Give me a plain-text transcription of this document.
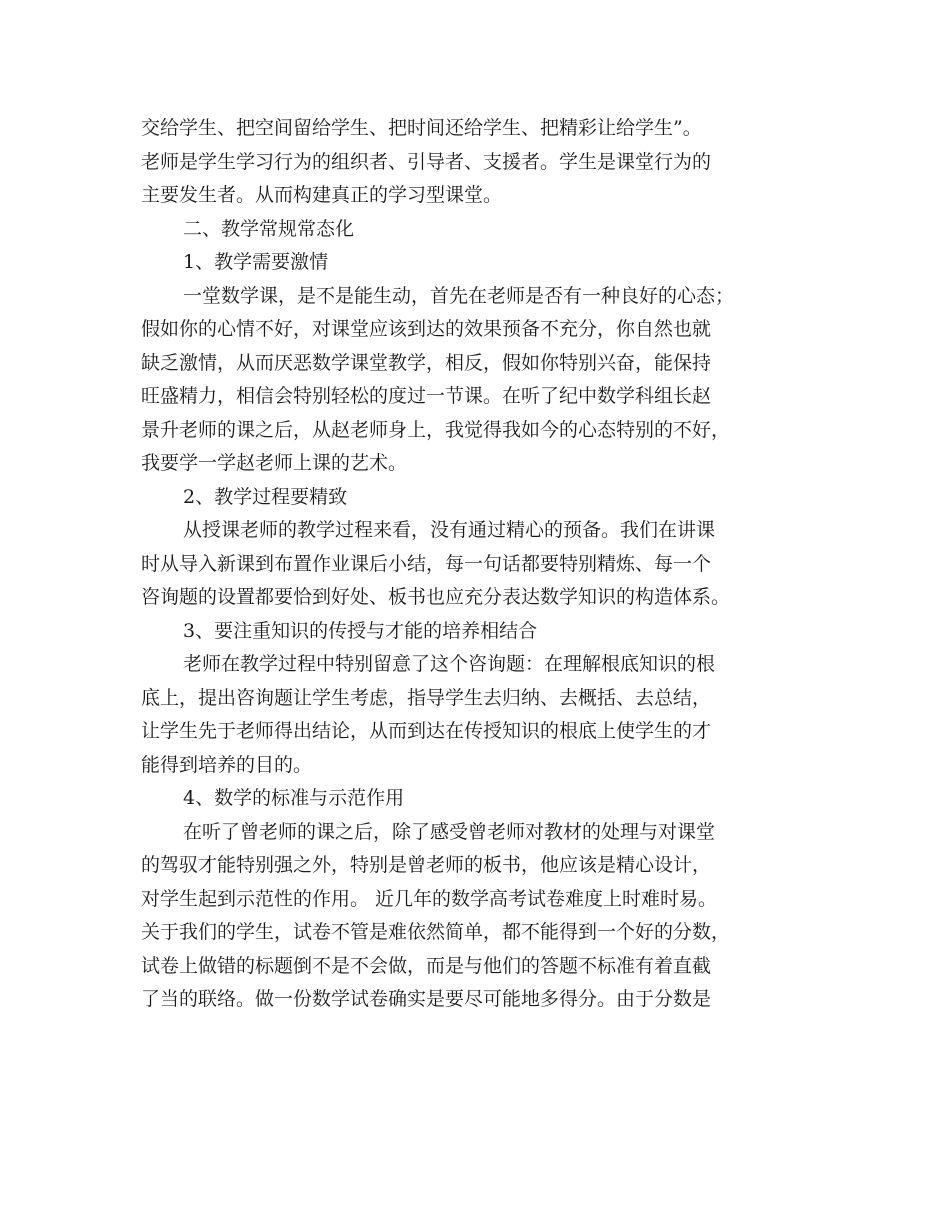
交给学生、把空间留给学生、把时间还给学生、把精彩让给学生”。
老师是学生学习行为的组织者、引导者、支援者。学生是课堂行为的
主要发生者。从而构建真正的学习型课堂。
二、教学常规常态化
1、教学需要激情
一堂数学课，是不是能生动，首先在老师是否有一种良好的心态；
假如你的心情不好，对课堂应该到达的效果预备不充分，你自然也就
缺乏激情，从而厌恶数学课堂教学，相反，假如你特别兴奋，能保持
旺盛精力，相信会特别轻松的度过一节课。在听了纪中数学科组长赵
景升老师的课之后，从赵老师身上，我觉得我如今的心态特别的不好，
我要学一学赵老师上课的艺术。
2、教学过程要精致
从授课老师的教学过程来看，没有通过精心的预备。我们在讲课
时从导入新课到布置作业课后小结，每一句话都要特别精炼、每一个
咨询题的设置都要恰到好处、板书也应充分表达数学知识的构造体系。
3、要注重知识的传授与才能的培养相结合
老师在教学过程中特别留意了这个咨询题：在理解根底知识的根
底上，提出咨询题让学生考虑，指导学生去归纳、去概括、去总结，
让学生先于老师得出结论，从而到达在传授知识的根底上使学生的才
能得到培养的目的。
4、数学的标准与示范作用
在听了曾老师的课之后，除了感受曾老师对教材的处理与对课堂
的驾驭才能特别强之外，特别是曾老师的板书，他应该是精心设计，
对学生起到示范性的作用。 近几年的数学高考试卷难度上时难时易。
关于我们的学生，试卷不管是难依然简单，都不能得到一个好的分数，
试卷上做错的标题倒不是不会做，而是与他们的答题不标准有着直截
了当的联络。做一份数学试卷确实是要尽可能地多得分。由于分数是
